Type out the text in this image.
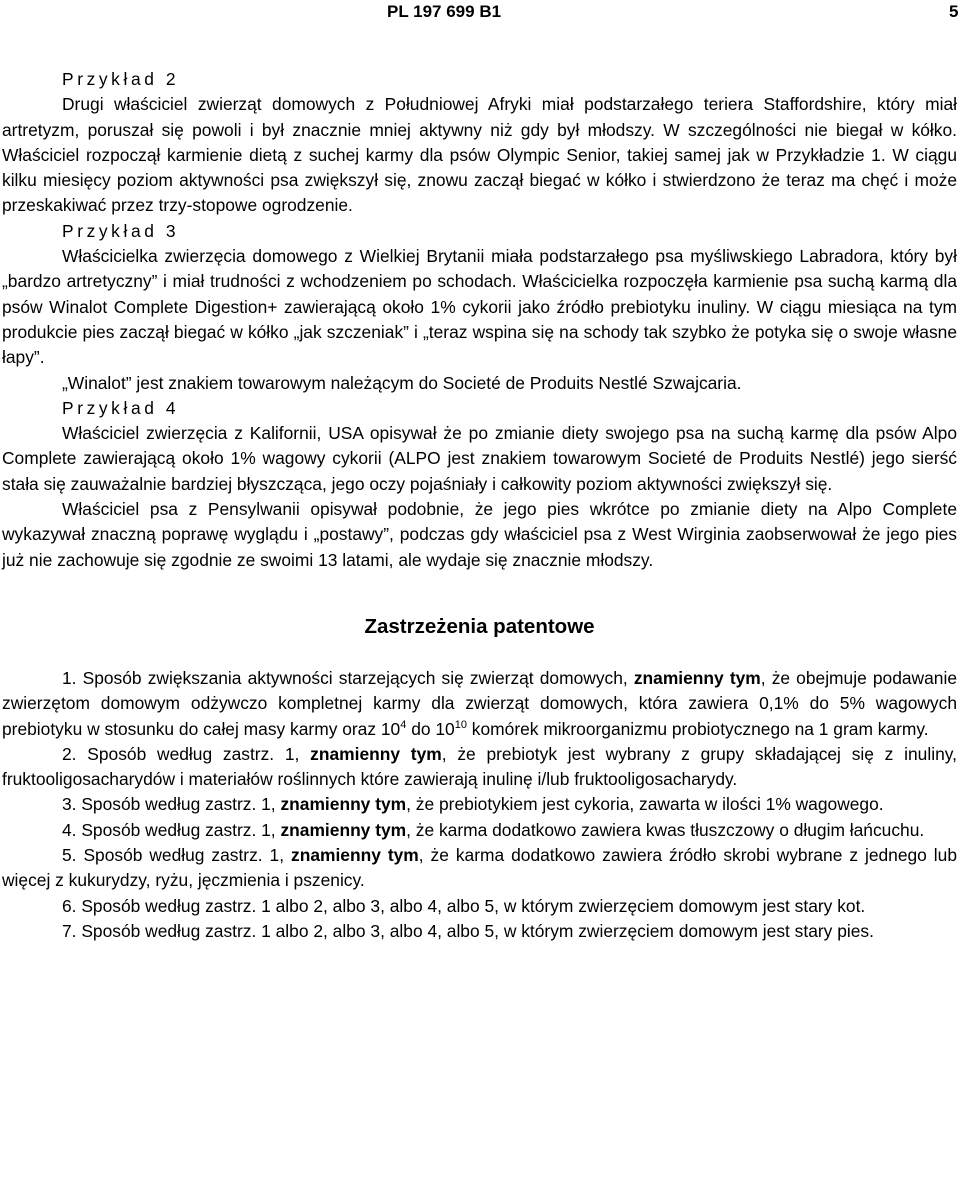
PL 197 699 B1	5

Przykład 2

Drugi właściciel zwierząt domowych z Południowej Afryki miał podstarzałego teriera Staffordshire, który miał artretyzm, poruszał się powoli i był znacznie mniej aktywny niż gdy był młodszy. W szczególności nie biegał w kółko. Właściciel rozpoczął karmienie dietą z suchej karmy dla psów Olympic Senior, takiej samej jak w Przykładzie 1. W ciągu kilku miesięcy poziom aktywności psa zwiększył się, znowu zaczął biegać w kółko i stwierdzono że teraz ma chęć i może przeskakiwać przez trzy-stopowe ogrodzenie.

Przykład 3

Właścicielka zwierzęcia domowego z Wielkiej Brytanii miała podstarzałego psa myśliwskiego Labradora, który był „bardzo artretyczny” i miał trudności z wchodzeniem po schodach. Właścicielka rozpoczęła karmienie psa suchą karmą dla psów Winalot Complete Digestion+ zawierającą około 1% cykorii jako źródło prebiotyku inuliny. W ciągu miesiąca na tym produkcie pies zaczął biegać w kółko „jak szczeniak” i „teraz wspina się na schody tak szybko że potyka się o swoje własne łapy”.

„Winalot” jest znakiem towarowym należącym do Societé de Produits Nestlé Szwajcaria.

Przykład 4

Właściciel zwierzęcia z Kalifornii, USA opisywał że po zmianie diety swojego psa na suchą karmę dla psów Alpo Complete zawierającą około 1% wagowy cykorii (ALPO jest znakiem towarowym Societé de Produits Nestlé) jego sierść stała się zauważalnie bardziej błyszcząca, jego oczy pojaśniały i całkowity poziom aktywności zwiększył się.

Właściciel psa z Pensylwanii opisywał podobnie, że jego pies wkrótce po zmianie diety na Alpo Complete wykazywał znaczną poprawę wyglądu i „postawy”, podczas gdy właściciel psa z West Wirginia zaobserwował że jego pies już nie zachowuje się zgodnie ze swoimi 13 latami, ale wydaje się znacznie młodszy.

Zastrzeżenia patentowe

1. Sposób zwiększania aktywności starzejących się zwierząt domowych, znamienny tym, że obejmuje podawanie zwierzętom domowym odżywczo kompletnej karmy dla zwierząt domowych, która zawiera 0,1% do 5% wagowych prebiotyku w stosunku do całej masy karmy oraz $10^4$ do $10^{10}$ komórek mikroorganizmu probiotycznego na 1 gram karmy.

2. Sposób według zastrz. 1, znamienny tym, że prebiotyk jest wybrany z grupy składającej się z inuliny, fruktooligosacharydów i materiałów roślinnych które zawierają inulinę i/lub fruktooligosacharydy.

3. Sposób według zastrz. 1, znamienny tym, że prebiotykiem jest cykoria, zawarta w ilości 1% wagowego.

4. Sposób według zastrz. 1, znamienny tym, że karma dodatkowo zawiera kwas tłuszczowy o długim łańcuchu.

5. Sposób według zastrz. 1, znamienny tym, że karma dodatkowo zawiera źródło skrobi wybrane z jednego lub więcej z kukurydzy, ryżu, jęczmienia i pszenicy.

6. Sposób według zastrz. 1 albo 2, albo 3, albo 4, albo 5, w którym zwierzęciem domowym jest stary kot.

7. Sposób według zastrz. 1 albo 2, albo 3, albo 4, albo 5, w którym zwierzęciem domowym jest stary pies.
